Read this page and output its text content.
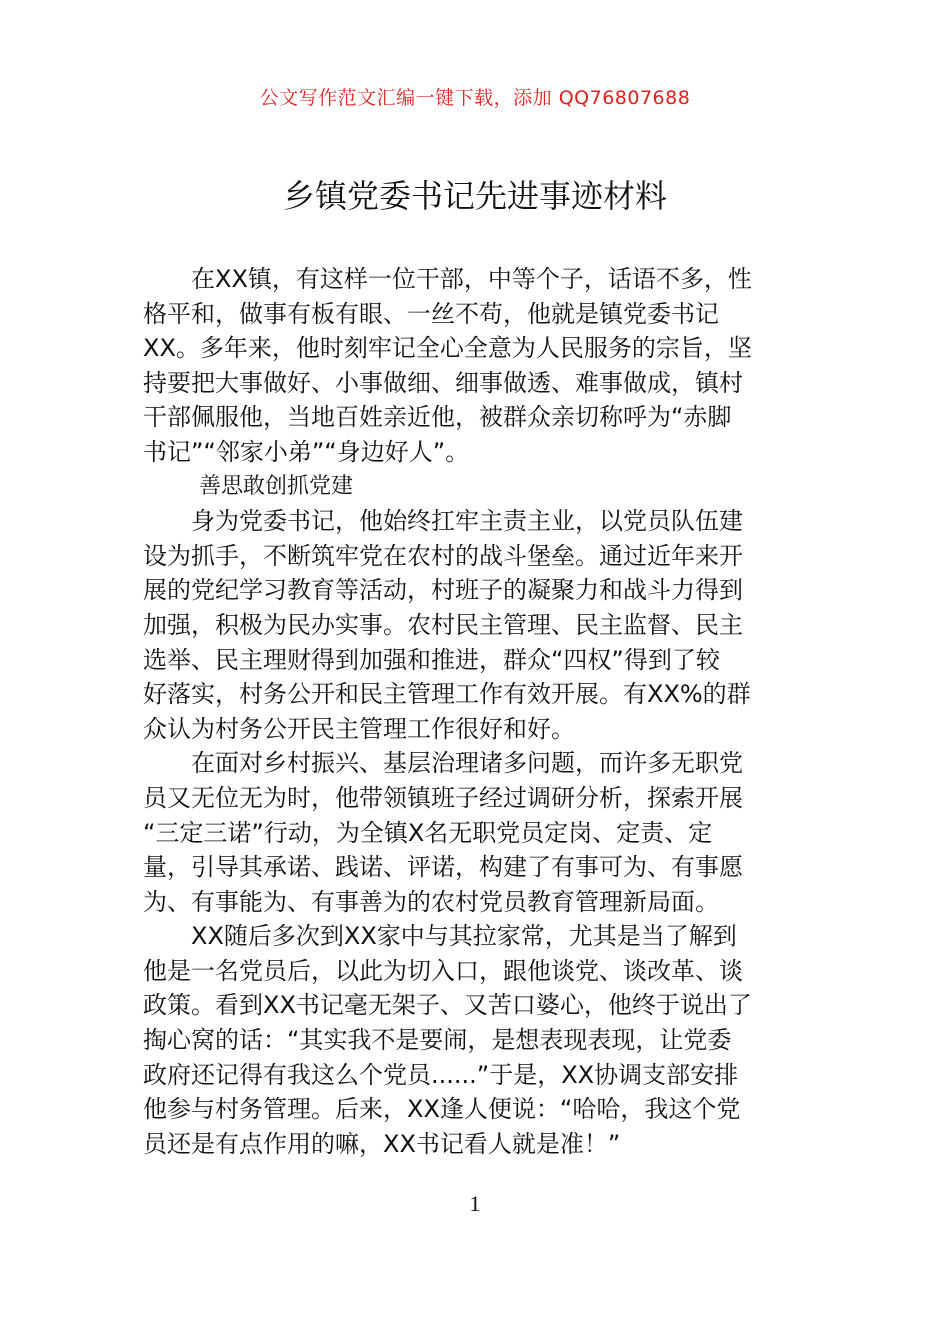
公文写作范文汇编一键下载，添加 QQ76807688
乡镇党委书记先进事迹材料

在XX镇，有这样一位干部，中等个子，话语不多，性
格平和，做事有板有眼、一丝不苟，他就是镇党委书记
XX。多年来，他时刻牢记全心全意为人民服务的宗旨，坚
持要把大事做好、小事做细、细事做透、难事做成，镇村
干部佩服他，当地百姓亲近他，被群众亲切称呼为“赤脚
书记”“邻家小弟”“身边好人”。

善思敢创抓党建

身为党委书记，他始终扛牢主责主业，以党员队伍建
设为抓手，不断筑牢党在农村的战斗堡垒。通过近年来开
展的党纪学习教育等活动，村班子的凝聚力和战斗力得到
加强，积极为民办实事。农村民主管理、民主监督、民主
选举、民主理财得到加强和推进，群众“四权”得到了较
好落实，村务公开和民主管理工作有效开展。有XX%的群
众认为村务公开民主管理工作很好和好。

在面对乡村振兴、基层治理诸多问题，而许多无职党
员又无位无为时，他带领镇班子经过调研分析，探索开展
“三定三诺”行动，为全镇X名无职党员定岗、定责、定
量，引导其承诺、践诺、评诺，构建了有事可为、有事愿
为、有事能为、有事善为的农村党员教育管理新局面。

XX随后多次到XX家中与其拉家常，尤其是当了解到
他是一名党员后，以此为切入口，跟他谈党、谈改革、谈
政策。看到XX书记毫无架子、又苦口婆心，他终于说出了
掏心窝的话：“其实我不是要闹，是想表现表现，让党委
政府还记得有我这么个党员......”于是，XX协调支部安排
他参与村务管理。后来，XX逢人便说：“哈哈，我这个党
员还是有点作用的嘛，XX书记看人就是准！”

1
